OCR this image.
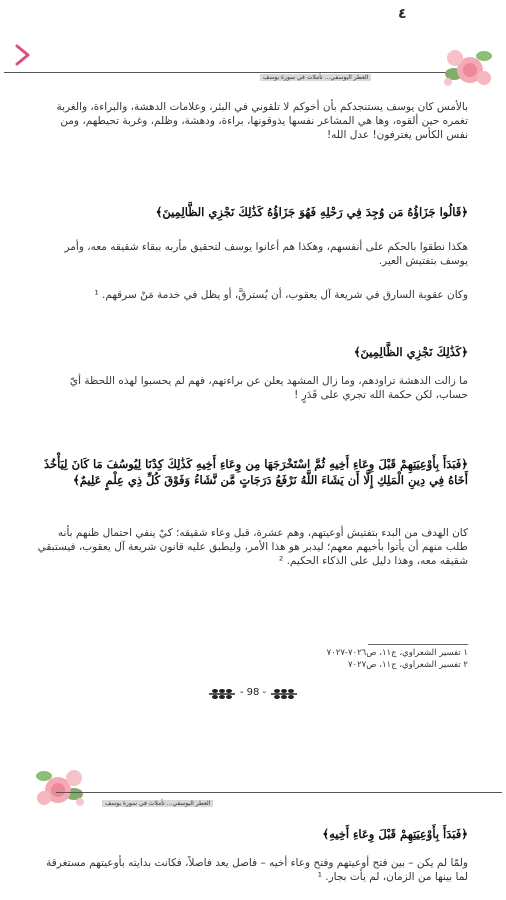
٤
العطر اليوسفي... تأملات في سورة يوسف
بالأمس كان يوسف يستنجدكم بأن أخوكم لا تلقوني في البئر، وعلامات الدهشة، والبراءة، والغربة تغمره حين ألقوه، وها هي المشاعر نفسها يذوقونها، براءة، ودهشة، وظلم، وغربة تحيطهم، ومن نفس الكأس يغترفون! عدل الله!
﴿قَالُوا جَزَاؤُهُ مَن وُجِدَ فِي رَحْلِهِ فَهُوَ جَزَاؤُهُ كَذَٰلِكَ نَجْزِي الظَّالِمِينَ﴾
هكذا نطقوا بالحكم على أنفسهم، وهكذا هم أعانوا يوسف لتحقيق مأربه ببقاء شقيقه معه، وأمر يوسف بتفتيش العير.
وكان عقوبة السارق في شريعة آل يعقوب، أن يُسترقَّ، أو يظل في خدمة مَنْ سرقهم. ¹
﴿كَذَٰلِكَ نَجْزِي الظَّالِمِينَ﴾
ما زالت الدهشة تراودهم، وما زال المشهد يعلن عن براءتهم، فهم لم يحسبوا لهذه اللحظة أيّ حساب، لكن حكمة الله تجري على قَدَرٍ !
﴿فَبَدَأَ بِأَوْعِيَتِهِمْ قَبْلَ وِعَاءِ أَخِيهِ ثُمَّ اسْتَخْرَجَهَا مِن وِعَاءِ أَخِيهِ كَذَٰلِكَ كِدْنَا لِيُوسُفَ مَا كَانَ لِيَأْخُذَ أَخَاهُ فِي دِينِ الْمَلِكِ إِلَّا أَن يَشَاءَ اللَّهُ نَرْفَعُ دَرَجَاتٍ مَّن نَّشَاءُ وَفَوْقَ كُلِّ ذِي عِلْمٍ عَلِيمٌ﴾
كان الهدف من البدء بتفتيش أوعيتهم، وهم عشرة، قبل وعاء شقيقه؛ كيْ ينفي احتمال ظنهم بأنه طلب منهم أن يأتوا بأخيهم معهم؛ ليدبر هو هذا الأمر، وليطبق عليه قانون شريعة آل يعقوب، فيستبقي شقيقه معه، وهذا دليل على الذكاء الحكيم. ²
١ تفسير الشعراوي، ج١١، ص٧٠٢٦-٧٠٢٧
٢ تفسير الشعراوي، ج١١، ص٧٠٢٧
- 98 -
العطر اليوسفي... تأملات في سورة يوسف
﴿فَبَدَأَ بِأَوْعِيَتِهِمْ قَبْلَ وِعَاءِ أَخِيهِ﴾
ولمّا لم يكن – بين فتح أوعيتهم وفتح وعاء أخيه – فاصل يعد فاصلاً، فكانت بدايته بأوعيتهم مستغرقة لما بينها من الزمان، لم يأت بجار. ¹
